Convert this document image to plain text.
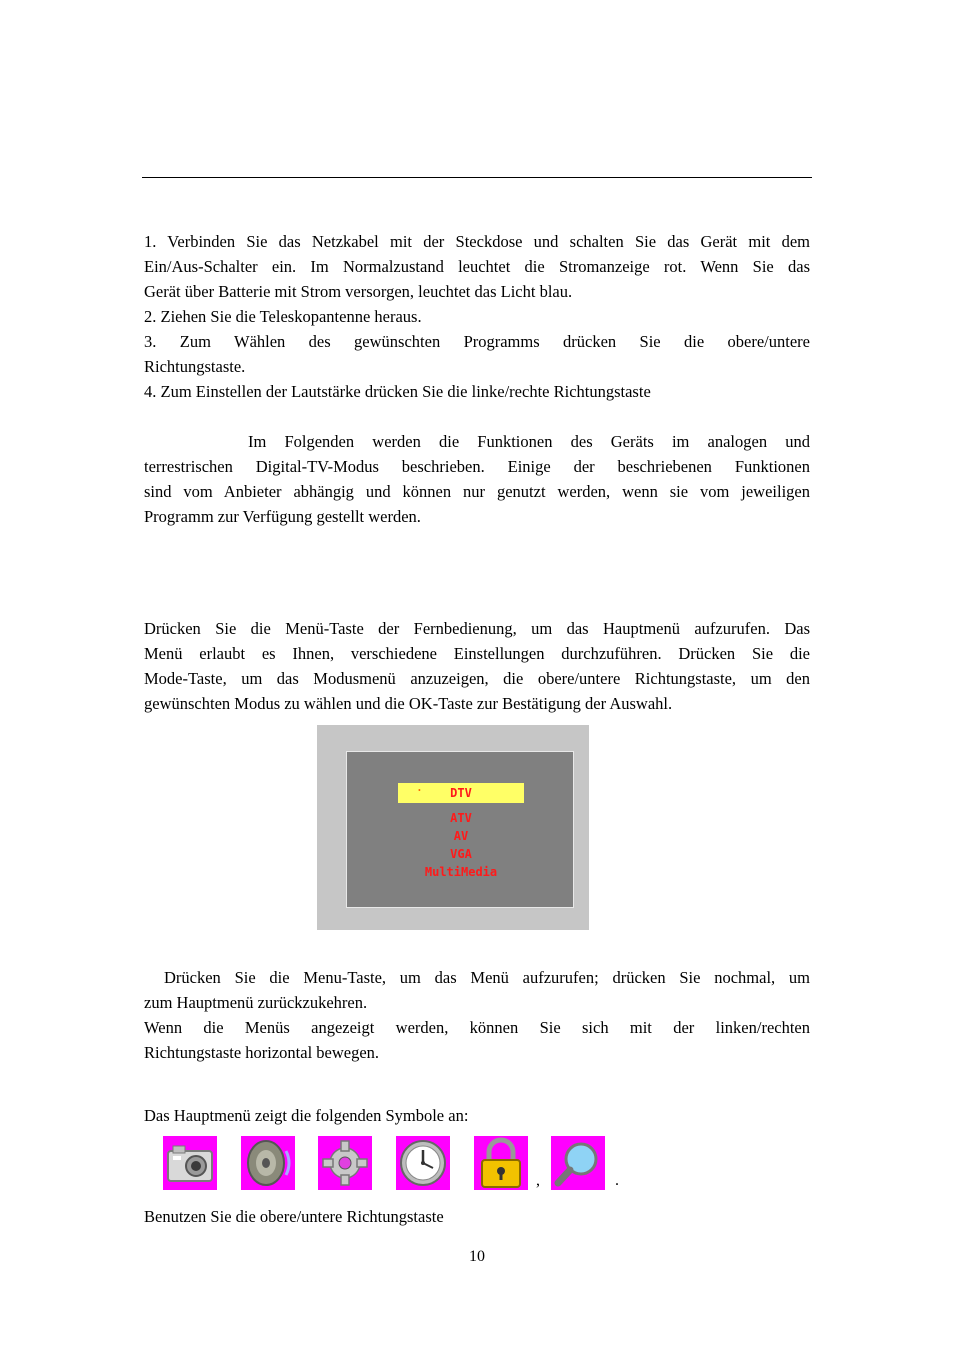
1. Verbinden Sie das Netzkabel mit der Steckdose und schalten Sie das Gerät mit dem
Ein/Aus-Schalter ein. Im Normalzustand leuchtet die Stromanzeige rot. Wenn Sie das
Gerät über Batterie mit Strom versorgen, leuchtet das Licht blau.
2. Ziehen Sie die Teleskopantenne heraus.
3. Zum Wählen des gewünschten Programms drücken Sie die obere/untere
Richtungstaste.
4. Zum Einstellen der Lautstärke drücken Sie die linke/rechte Richtungstaste
Im Folgenden werden die Funktionen des Geräts im analogen und
terrestrischen Digital-TV-Modus beschrieben. Einige der beschriebenen Funktionen
sind vom Anbieter abhängig und können nur genutzt werden, wenn sie vom jeweiligen
Programm zur Verfügung gestellt werden.
Drücken Sie die Menü-Taste der Fernbedienung, um das Hauptmenü aufzurufen. Das
Menü erlaubt es Ihnen, verschiedene Einstellungen durchzuführen. Drücken Sie die
Mode-Taste, um das Modusmenü anzuzeigen, die obere/untere Richtungstaste, um den
gewünschten Modus zu wählen und die OK-Taste zur Bestätigung der Auswahl.
•	DTV
ATV
AV
VGA
MultiMedia
Drücken Sie die Menu-Taste, um das Menü aufzurufen; drücken Sie nochmal, um
zum Hauptmenü zurückzukehren.
Wenn die Menüs angezeigt werden, können Sie sich mit der linken/rechten
Richtungstaste horizontal bewegen.
Das Hauptmenü zeigt die folgenden Symbole an:
,	.
Benutzen Sie die obere/untere Richtungstaste
10
